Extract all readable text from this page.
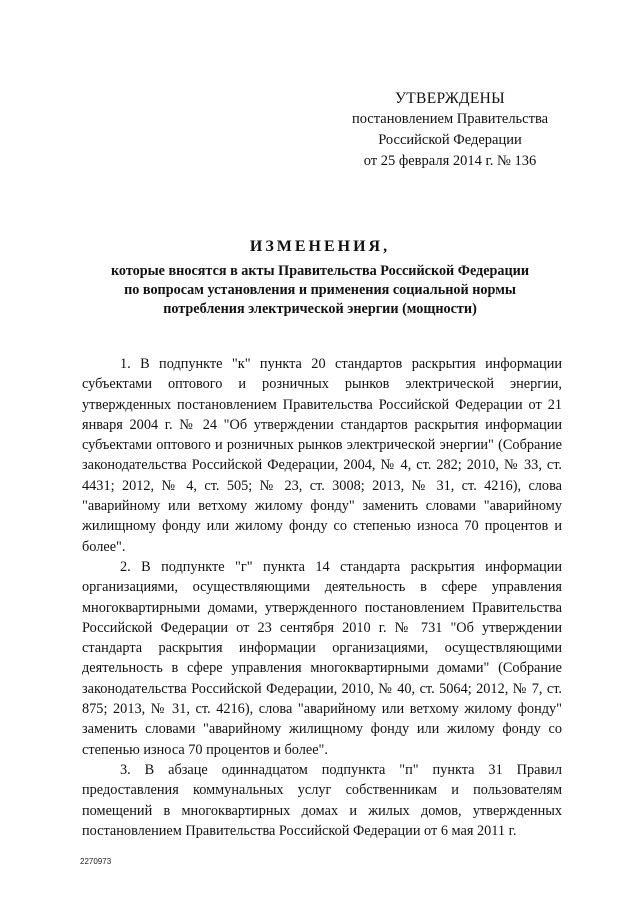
УТВЕРЖДЕНЫ
постановлением Правительства
Российской Федерации
от 25 февраля 2014 г. № 136
ИЗМЕНЕНИЯ,
которые вносятся в акты Правительства Российской Федерации
по вопросам установления и применения социальной нормы
потребления электрической энергии (мощности)

1. В подпункте "к" пункта 20 стандартов раскрытия информации субъектами оптового и розничных рынков электрической энергии, утвержденных постановлением Правительства Российской Федерации от 21 января 2004 г. № 24 "Об утверждении стандартов раскрытия информации субъектами оптового и розничных рынков электрической энергии" (Собрание законодательства Российской Федерации, 2004, № 4, ст. 282; 2010, № 33, ст. 4431; 2012, № 4, ст. 505; № 23, ст. 3008; 2013, № 31, ст. 4216), слова "аварийному или ветхому жилому фонду" заменить словами "аварийному жилищному фонду или жилому фонду со степенью износа 70 процентов и более".

2. В подпункте "г" пункта 14 стандарта раскрытия информации организациями, осуществляющими деятельность в сфере управления многоквартирными домами, утвержденного постановлением Правительства Российской Федерации от 23 сентября 2010 г. № 731 "Об утверждении стандарта раскрытия информации организациями, осуществляющими деятельность в сфере управления многоквартирными домами" (Собрание законодательства Российской Федерации, 2010, № 40, ст. 5064; 2012, № 7, ст. 875; 2013, № 31, ст. 4216), слова "аварийному или ветхому жилому фонду" заменить словами "аварийному жилищному фонду или жилому фонду со степенью износа 70 процентов и более".

3. В абзаце одиннадцатом подпункта "п" пункта 31 Правил предоставления коммунальных услуг собственникам и пользователям помещений в многоквартирных домах и жилых домов, утвержденных постановлением Правительства Российской Федерации от 6 мая 2011 г.

2270973
